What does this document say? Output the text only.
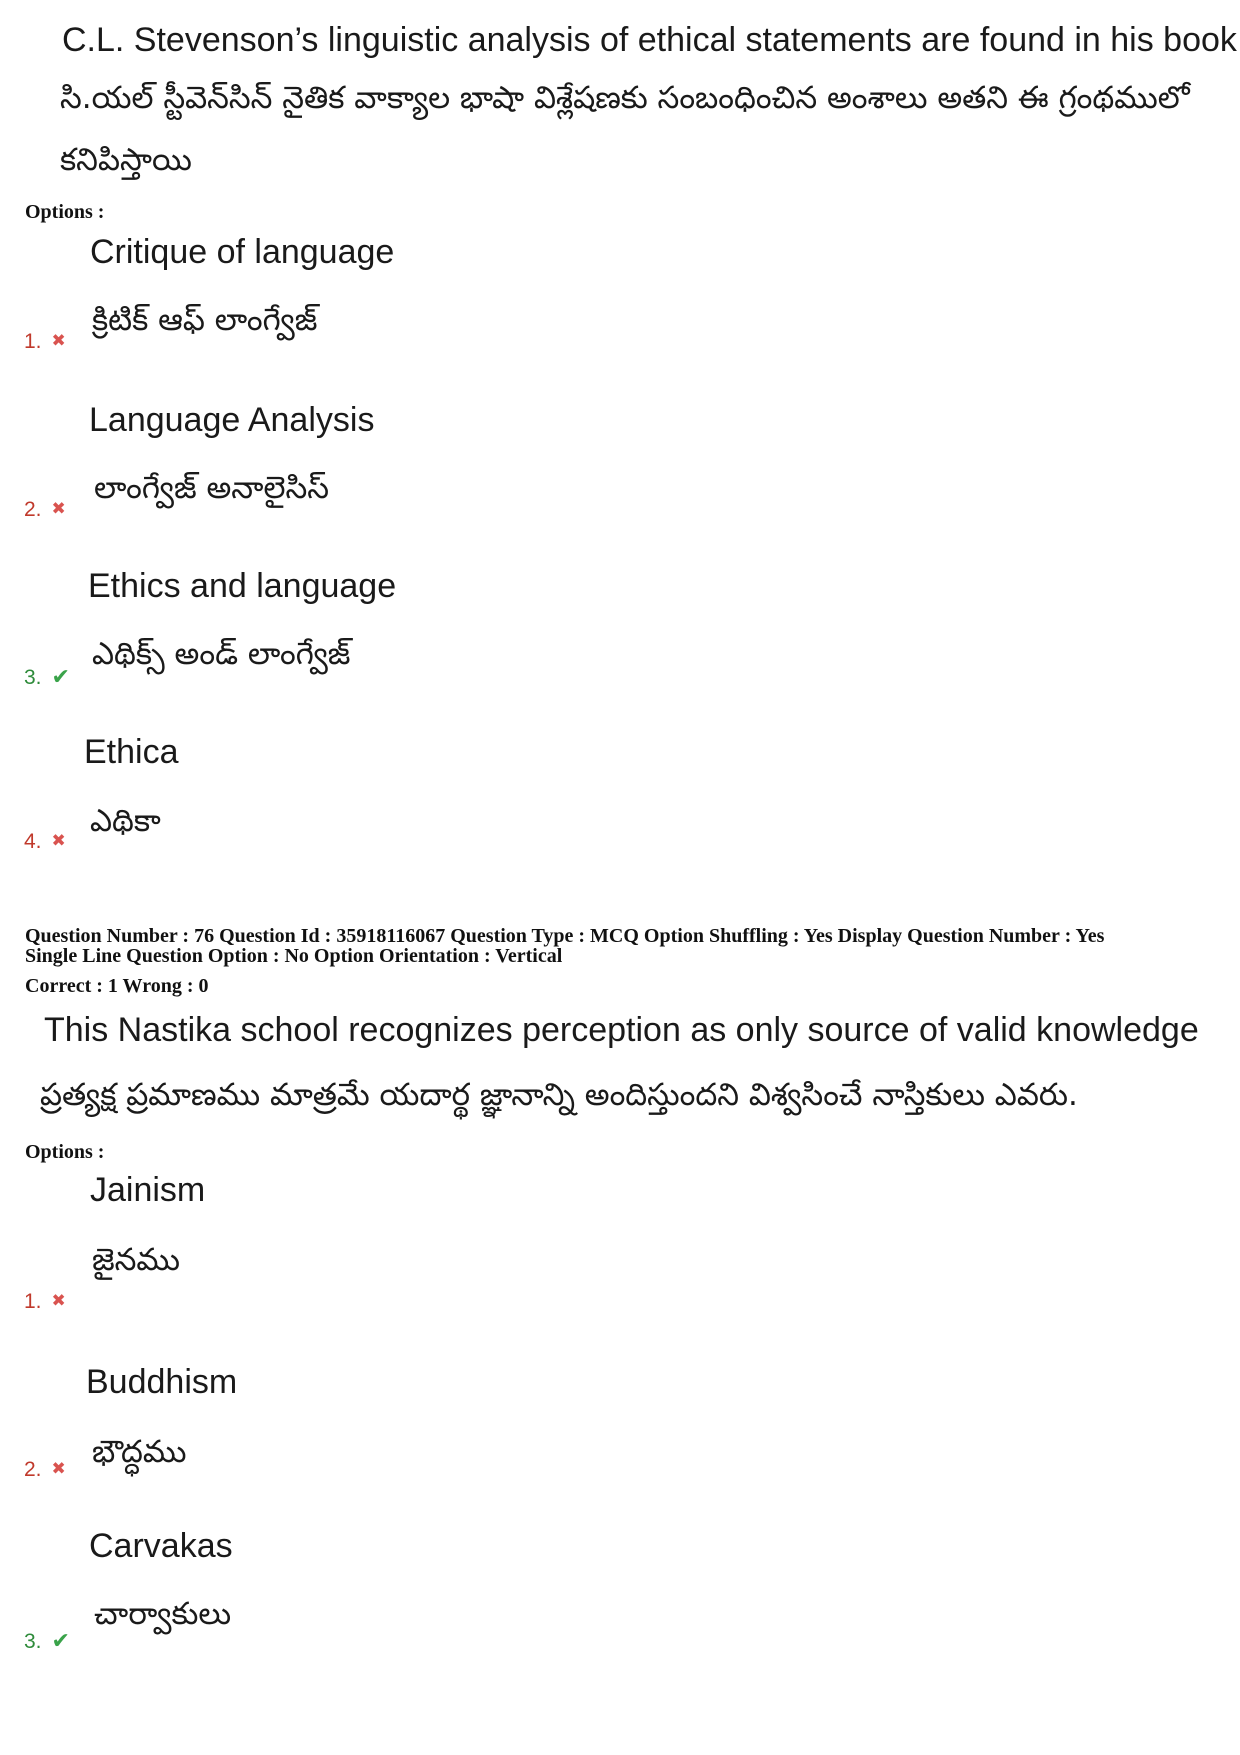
C.L. Stevenson’s linguistic analysis of ethical statements are found in his book
సి.యల్ స్టీవెన్‌సిన్ నైతిక వాక్యాల భాషా విశ్లేషణకు సంబంధించిన అంశాలు అతని ఈ గ్రంథములో
కనిపిస్తాయి
Options :
Critique of language
క్రిటిక్ ఆఫ్ లాంగ్వేజ్
1. ✖
Language Analysis
లాంగ్వేజ్ అనాలైసిస్
2. ✖
Ethics and language
ఎథిక్స్ అండ్ లాంగ్వేజ్
3. ✔
Ethica
ఎథికా
4. ✖
Question Number : 76 Question Id : 35918116067 Question Type : MCQ Option Shuffling : Yes Display Question Number : Yes
Single Line Question Option : No Option Orientation : Vertical
Correct : 1 Wrong : 0
This Nastika school recognizes perception as only source of valid knowledge
ప్రత్యక్ష ప్రమాణము మాత్రమే యదార్థ జ్ఞానాన్ని అందిస్తుందని విశ్వసించే నాస్తికులు ఎవరు.
Options :
Jainism
జైనము
1. ✖
Buddhism
భౌద్ధము
2. ✖
Carvakas
చార్వాకులు
3. ✔
